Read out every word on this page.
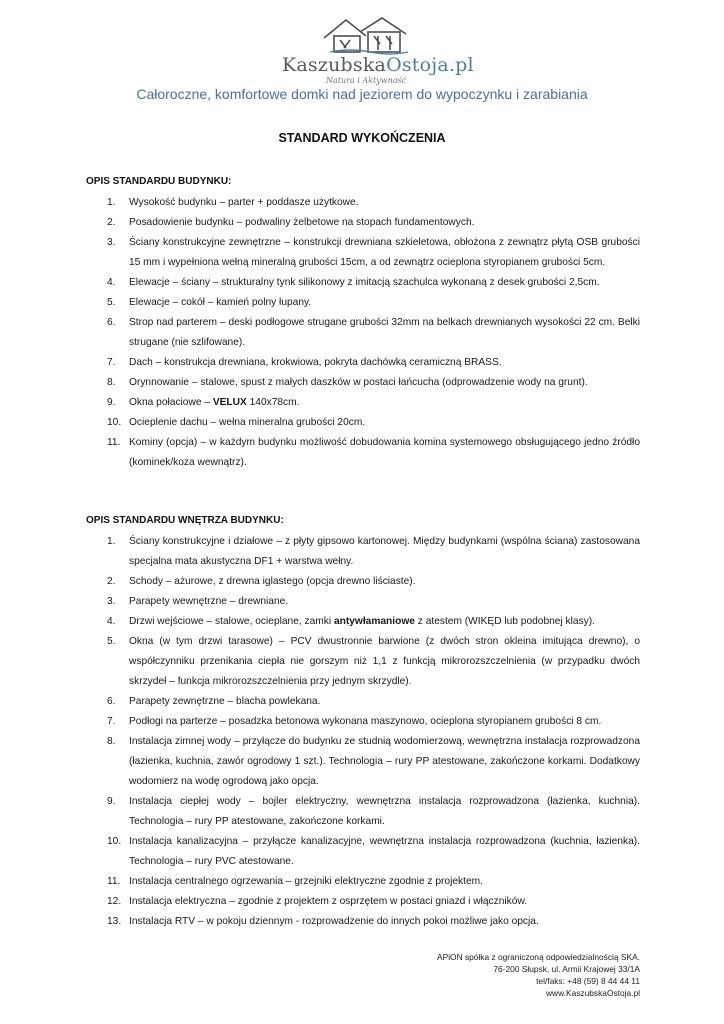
KaszubskaOstoja.pl
Natura i Aktywność
Całoroczne, komfortowe domki nad jeziorem do wypoczynku i zarabiania
STANDARD WYKOŃCZENIA
OPIS STANDARDU BUDYNKU:
1. Wysokość budynku – parter + poddasze użytkowe.
2. Posadowienie budynku – podwaliny żelbetowe na stopach fundamentowych.
3. Ściany konstrukcyjne zewnętrzne – konstrukcji drewniana szkieletowa, obłożona z zewnątrz płytą OSB grubości 15 mm i wypełniona wełną mineralną grubości 15cm, a od zewnątrz ocieplona styropianem grubości 5cm.
4. Elewacje – ściany – strukturalny tynk silikonowy z imitacją szachulca wykonaną z desek grubości 2,5cm.
5. Elewacje – cokół – kamień polny łupany.
6. Strop nad parterem – deski podłogowe strugane grubości 32mm na belkach drewnianych wysokości 22 cm. Belki strugane (nie szlifowane).
7. Dach – konstrukcja drewniana, krokwiowa, pokryta dachówką ceramiczną BRASS.
8. Orynnowanie – stalowe, spust z małych daszków w postaci łańcucha (odprowadzenie wody na grunt).
9. Okna połaciowe – VELUX 140x78cm.
10. Ocieplenie dachu – wełna mineralna grubości 20cm.
11. Kominy (opcja) – w każdym budynku możliwość dobudowania komina systemowego obsługującego jedno źródło (kominek/koza wewnątrz).
OPIS STANDARDU WNĘTRZA BUDYNKU:
1. Ściany konstrukcyjne i działowe – z płyty gipsowo kartonowej. Między budynkami (wspólna ściana) zastosowana specjalna mata akustyczna DF1 + warstwa wełny.
2. Schody – ażurowe, z drewna iglastego (opcja drewno liściaste).
3. Parapety wewnętrzne – drewniane.
4. Drzwi wejściowe – stalowe, ocieplane, zamki antywłamaniowe z atestem (WIKĘD lub podobnej klasy).
5. Okna (w tym drzwi tarasowe) – PCV dwustronnie barwione (z dwóch stron okleina imitująca drewno), o współczynniku przenikania ciepła nie gorszym niż 1,1 z funkcją mikrorozszczelnienia (w przypadku dwóch skrzydeł – funkcja mikrorozszczelnienia przy jednym skrzydle).
6. Parapety zewnętrzne – blacha powlekana.
7. Podłogi na parterze – posadzka betonowa wykonana maszynowo, ocieplona styropianem grubości 8 cm.
8. Instalacja zimnej wody – przyłącze do budynku ze studnią wodomierzową, wewnętrzna instalacja rozprowadzona (łazienka, kuchnia, zawór ogrodowy 1 szt.). Technologia – rury PP atestowane, zakończone korkami. Dodatkowy wodomierz na wodę ogrodową jako opcja.
9. Instalacja ciepłej wody – bojler elektryczny, wewnętrzna instalacja rozprowadzona (łazienka, kuchnia). Technologia – rury PP atestowane, zakończone korkami.
10. Instalacja kanalizacyjna – przyłącze kanalizacyjne, wewnętrzna instalacja rozprowadzona (kuchnia, łazienka). Technologia – rury PVC atestowane.
11. Instalacja centralnego ogrzewania – grzejniki elektryczne zgodnie z projektem.
12. Instalacja elektryczna – zgodnie z projektem z osprzętem w postaci gniazd i włączników.
13. Instalacja RTV – w pokoju dziennym - rozprowadzenie do innych pokoi możliwe jako opcja.
APiON spółka z ograniczoną odpowiedzialnością SKA.
76-200 Słupsk, ul. Armii Krajowej 33/1A
tel/faks: +48 (59) 8 44 44 11
www.KaszubskaOstoja.pl
